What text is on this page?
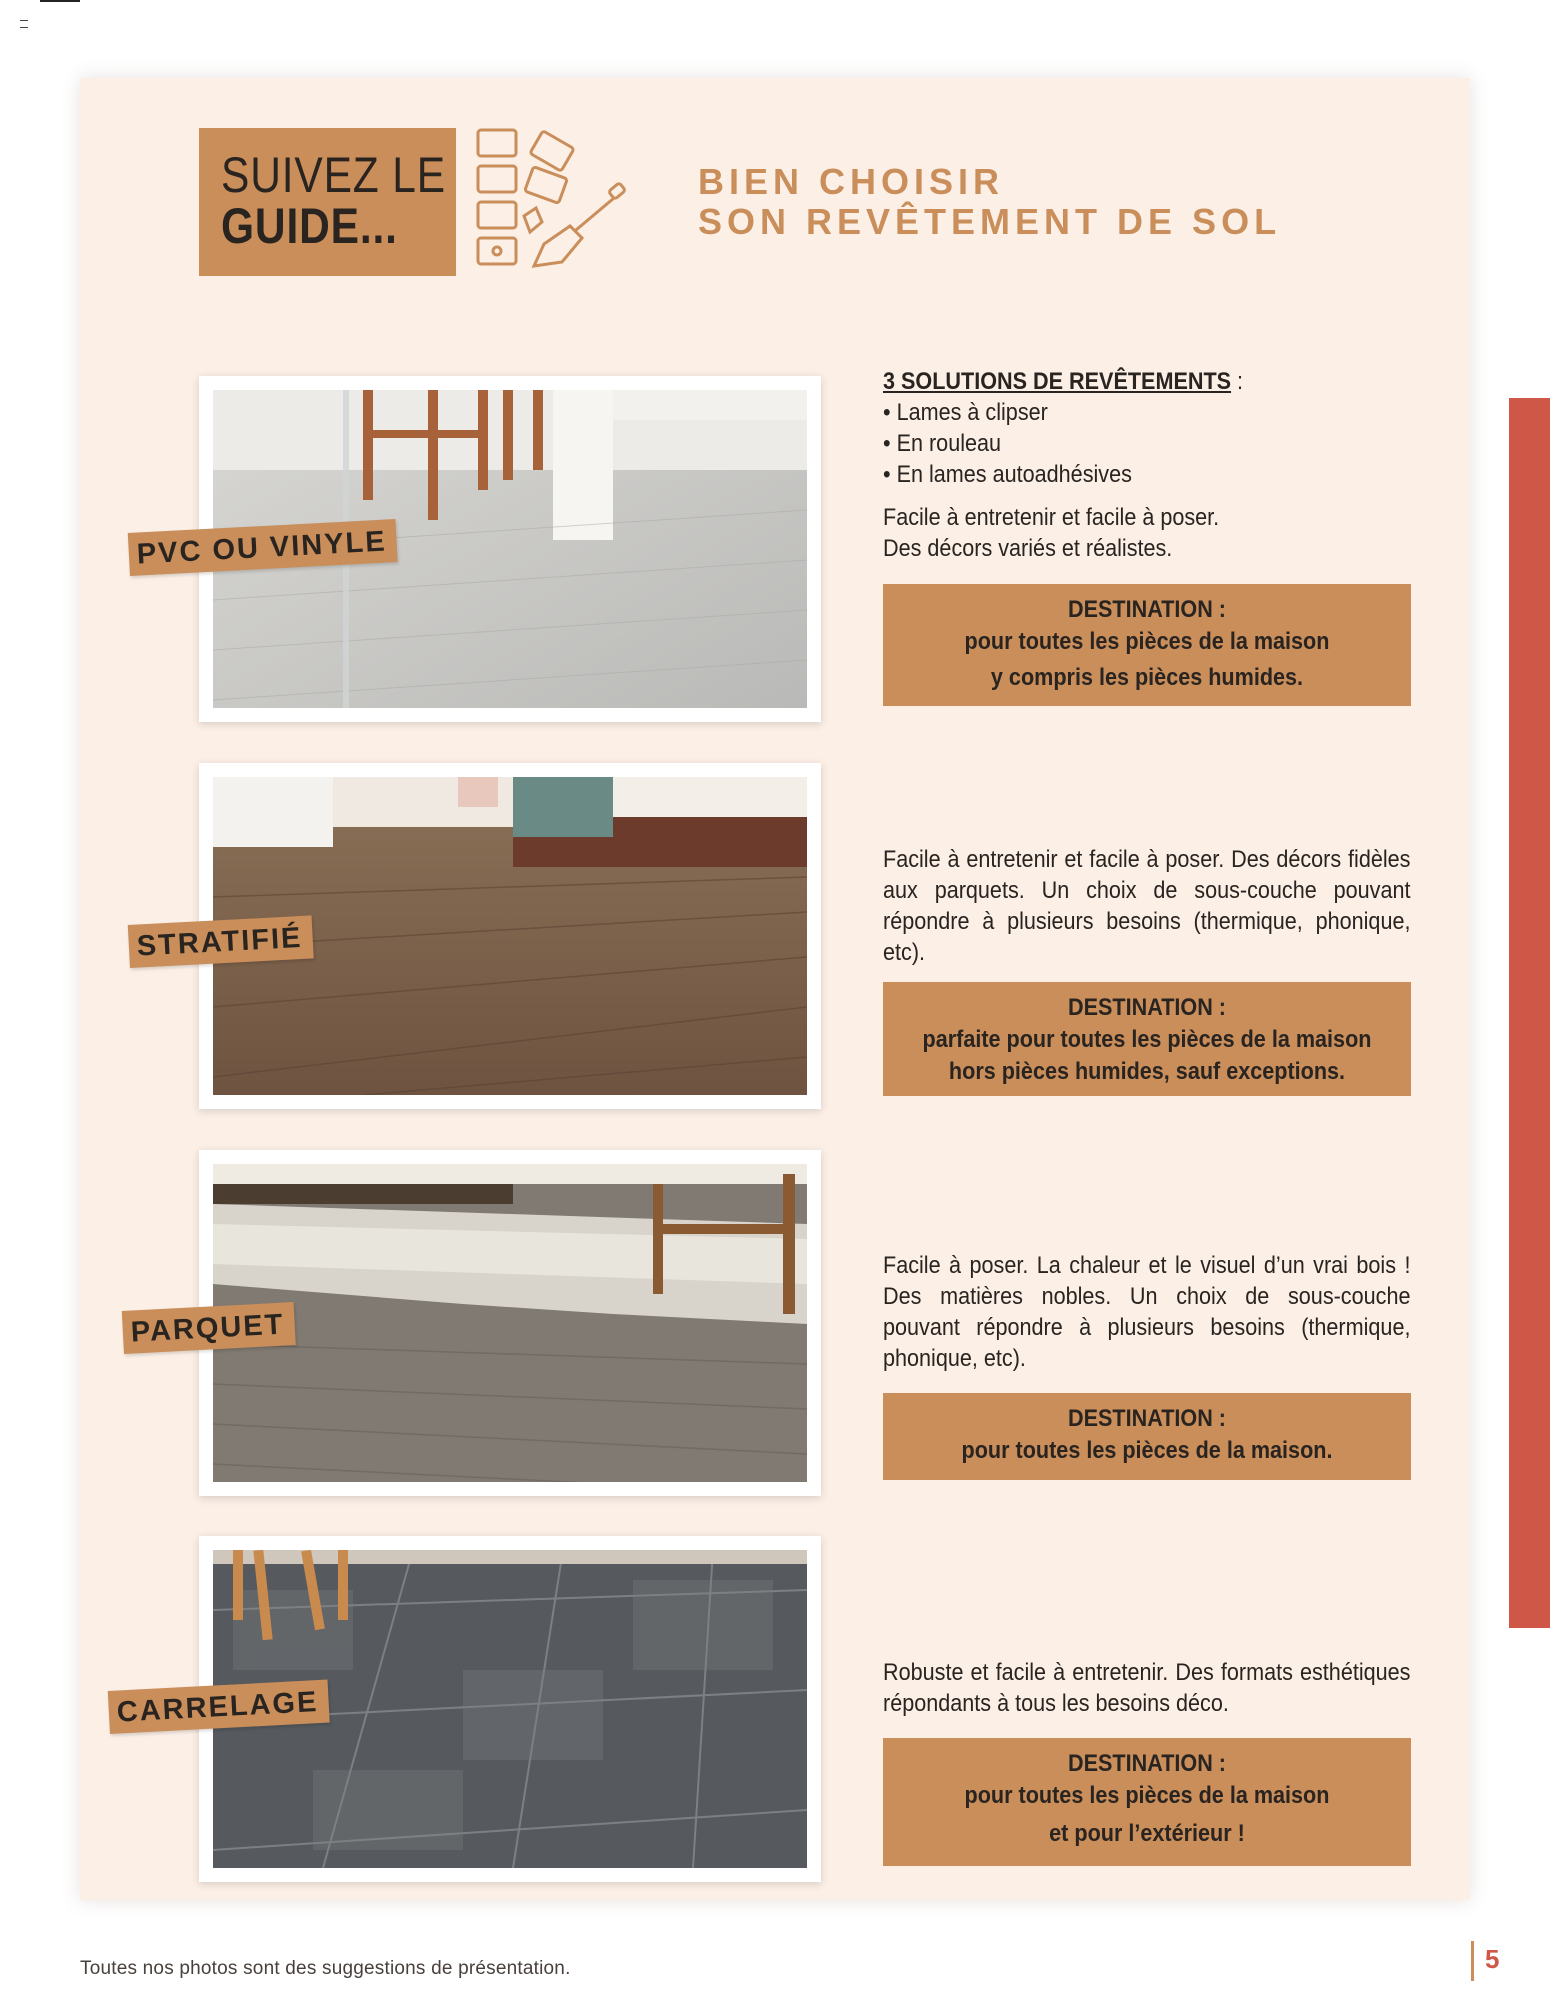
SUIVEZ LE
GUIDE...
BIEN CHOISIR
SON REVÊTEMENT DE SOL
PVC OU VINYLE
3 SOLUTIONS DE REVÊTEMENTS :
• Lames à clipser
• En rouleau
• En lames autoadhésives
Facile à entretenir et facile à poser.
Des décors variés et réalistes.
DESTINATION :
pour toutes les pièces de la maison
y compris les pièces humides.
STRATIFIÉ
Facile à entretenir et facile à poser. Des décors fidèles aux parquets. Un choix de sous-couche pouvant répondre à plusieurs besoins (thermique, phonique, etc).
DESTINATION :
parfaite pour toutes les pièces de la maison
hors pièces humides, sauf exceptions.
PARQUET
Facile à poser. La chaleur et le visuel d’un vrai bois ! Des matières nobles. Un choix de sous-couche pouvant répondre à plusieurs besoins (thermique, phonique, etc).
DESTINATION :
pour toutes les pièces de la maison.
CARRELAGE
Robuste et facile à entretenir. Des formats esthétiques répondants à tous les besoins déco.
DESTINATION :
pour toutes les pièces de la maison
et pour l’extérieur !
Toutes nos photos sont des suggestions de présentation.	5
